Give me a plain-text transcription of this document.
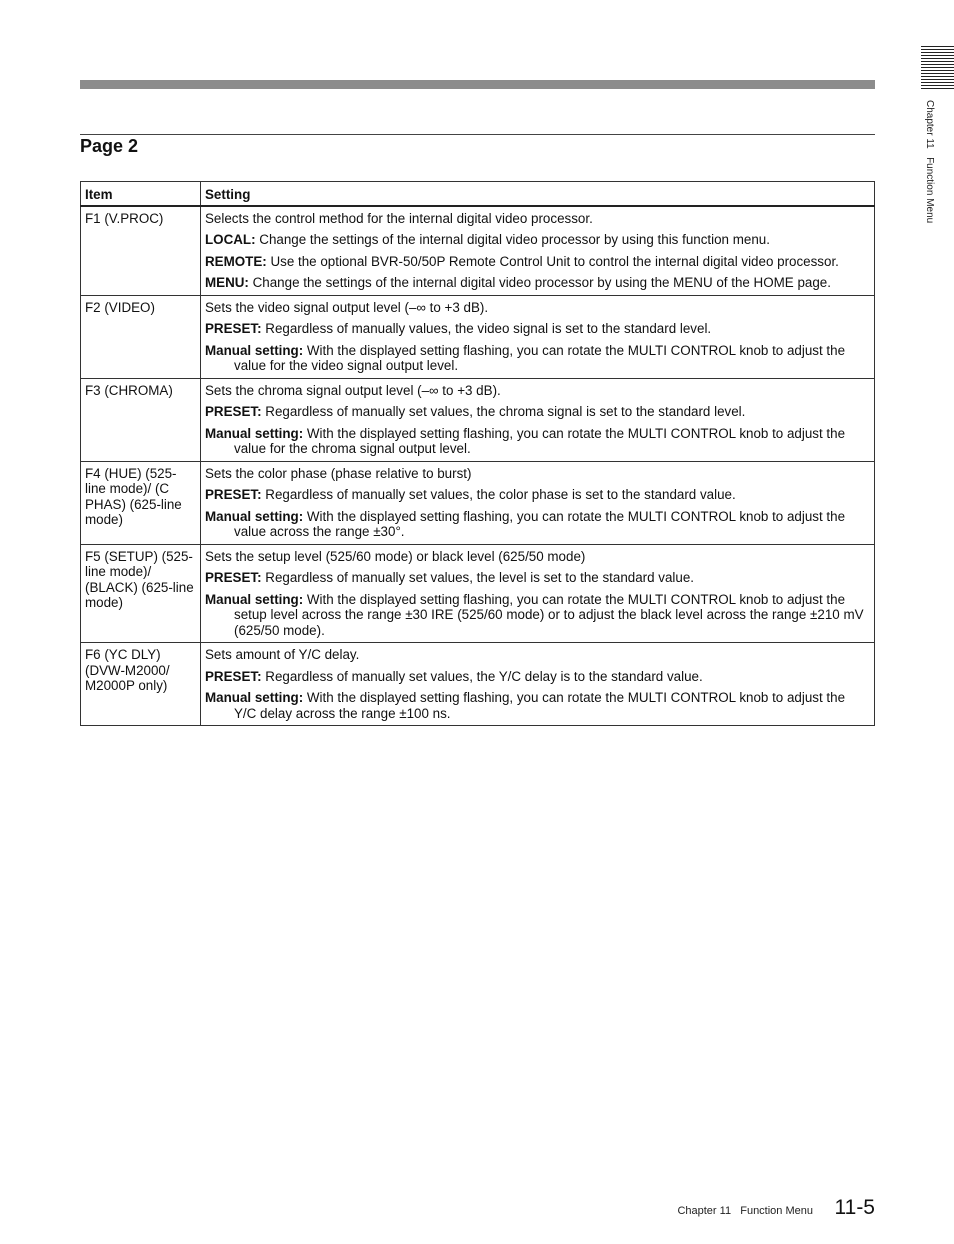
Chapter 11   Function Menu
Page 2
Item	Setting
F1 (V.PROC)	Selects the control method for the internal digital video processor.

LOCAL: Change the settings of the internal digital video processor by using this function menu.

REMOTE: Use the optional BVR-50/50P Remote Control Unit to control the internal digital video processor.

MENU: Change the settings of the internal digital video processor by using the MENU of the HOME page.

F2 (VIDEO)	Sets the video signal output level (–∞ to +3 dB).

PRESET: Regardless of manually values, the video signal is set to the standard level.

Manual setting: With the displayed setting flashing, you can rotate the MULTI CONTROL knob to adjust the value for the video signal output level.

F3 (CHROMA)	Sets the chroma signal output level (–∞ to +3 dB).

PRESET: Regardless of manually set values, the chroma signal is set to the standard level.

Manual setting: With the displayed setting flashing, you can rotate the MULTI CONTROL knob to adjust the value for the chroma signal output level.

F4 (HUE) (525-line mode)/ (C PHAS) (625-line mode)	Sets the color phase (phase relative to burst)

PRESET: Regardless of manually set values, the color phase is set to the standard value.

Manual setting: With the displayed setting flashing, you can rotate the MULTI CONTROL knob to adjust the value across the range ±30°.

F5 (SETUP) (525-line mode)/ (BLACK) (625-line mode)	Sets the setup level (525/60 mode) or black level (625/50 mode)

PRESET: Regardless of manually set values, the level is set to the standard value.

Manual setting: With the displayed setting flashing, you can rotate the MULTI CONTROL knob to adjust the setup level across the range ±30 IRE (525/60 mode) or to adjust the black level across the range ±210 mV (625/50 mode).

F6 (YC DLY) (DVW-M2000/ M2000P only)	Sets amount of Y/C delay.

PRESET: Regardless of manually set values, the Y/C delay is to the standard value.

Manual setting: With the displayed setting flashing, you can rotate the MULTI CONTROL knob to adjust the Y/C delay across the range ±100 ns.

Chapter 11   Function Menu 11-5
